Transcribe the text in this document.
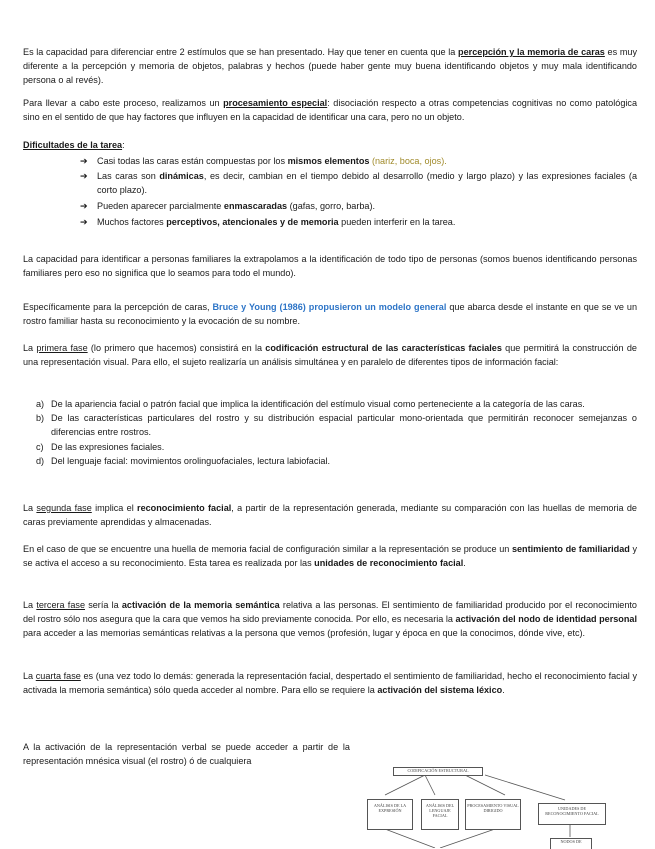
Es la capacidad para diferenciar entre 2 estímulos que se han presentado. Hay que tener en cuenta que la percepción y la memoria de caras es muy diferente a la percepción y memoria de objetos, palabras y hechos (puede haber gente muy buena identificando objetos y muy mala identificando persona o al revés).

Para llevar a cabo este proceso, realizamos un procesamiento especial: disociación respecto a otras competencias cognitivas no como patológica sino en el sentido de que hay factores que influyen en la capacidad de identificar una cara, pero no un objeto.

Dificultades de la tarea:

➔ Casi todas las caras están compuestas por los mismos elementos (nariz, boca, ojos).
➔ Las caras son dinámicas, es decir, cambian en el tiempo debido al desarrollo (medio y largo plazo) y las expresiones faciales (a corto plazo).
➔ Pueden aparecer parcialmente enmascaradas (gafas, gorro, barba).
➔ Muchos factores perceptivos, atencionales y de memoria pueden interferir en la tarea.

La capacidad para identificar a personas familiares la extrapolamos a la identificación de todo tipo de personas (somos buenos identificando personas familiares pero eso no significa que lo seamos para todo el mundo).

Específicamente para la percepción de caras, Bruce y Young (1986) propusieron un modelo general que abarca desde el instante en que se ve un rostro familiar hasta su reconocimiento y la evocación de su nombre.

La primera fase (lo primero que hacemos) consistirá en la codificación estructural de las características faciales que permitirá la construcción de una representación visual. Para ello, el sujeto realizaría un análisis simultánea y en paralelo de diferentes tipos de información facial:

a) De la apariencia facial o patrón facial que implica la identificación del estímulo visual como perteneciente a la categoría de las caras.
b) De las características particulares del rostro y su distribución espacial particular mono-orientada que permitirán reconocer semejanzas o diferencias entre rostros.
c) De las expresiones faciales.
d) Del lenguaje facial: movimientos orolinguofaciales, lectura labiofacial.

La segunda fase implica el reconocimiento facial, a partir de la representación generada, mediante su comparación con las huellas de memoria de caras previamente aprendidas y almacenadas.

En el caso de que se encuentre una huella de memoria facial de configuración similar a la representación se produce un sentimiento de familiaridad y se activa el acceso a su reconocimiento. Esta tarea es realizada por las unidades de reconocimiento facial.

La tercera fase sería la activación de la memoria semántica relativa a las personas. El sentimiento de familiaridad producido por el reconocimiento del rostro sólo nos asegura que la cara que vemos ha sido previamente conocida. Por ello, es necesaria la activación del nodo de identidad personal para acceder a las memorias semánticas relativas a la persona que vemos (profesión, lugar y época en que la conocimos, dónde vive, etc).

La cuarta fase es (una vez todo lo demás: generada la representación facial, despertado el sentimiento de familiaridad, hecho el reconocimiento facial y activada la memoria semántica) sólo queda acceder al nombre. Para ello se requiere la activación del sistema léxico.

A la activación de la representación verbal se puede acceder a partir de la representación mnésica visual (el rostro) ó de cualquiera

CODIFICACIÓN ESTRUCTURAL
ANÁLISIS DE LA EXPRESIÓN
ANÁLISIS DEL LENGUAJE FACIAL
PROCESAMIENTO VISUAL DIRIGIDO	UNIDADES DE RECONOCIMIENTO FACIAL
NODOS DE
